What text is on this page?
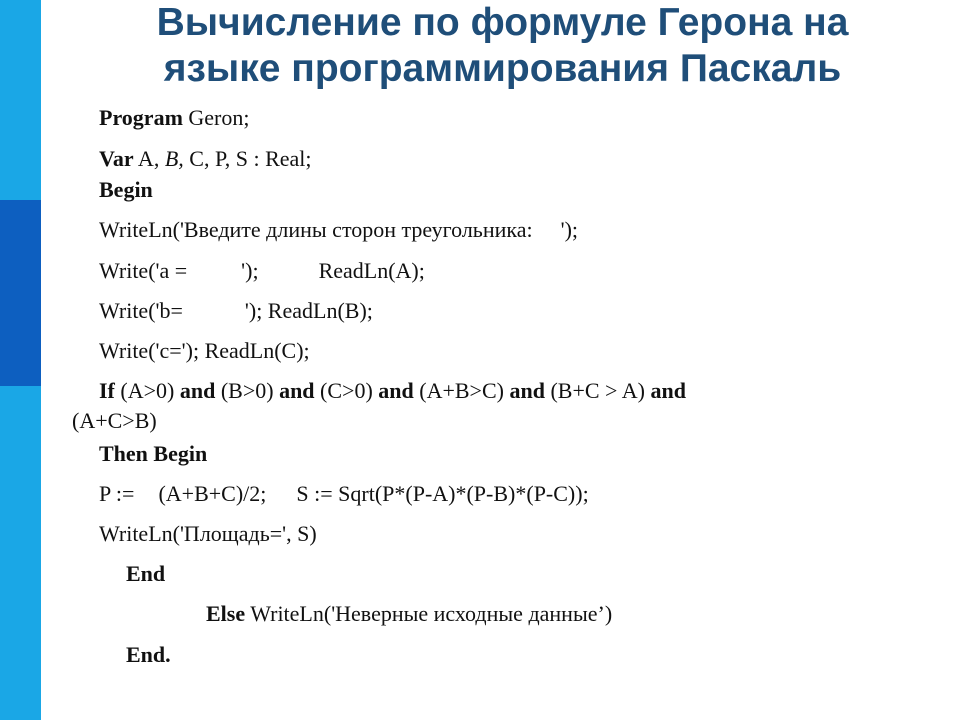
Вычисление по формуле Герона на
языке программирования Паскаль
Program Geron;
Var A, B, C, P, S : Real;
Begin
WriteLn('Введите длины сторон треугольника: ');
Write('a = ');	ReadLn(A);
Write('b=	'); ReadLn(B);
Write('c='); ReadLn(C);
If (A>0) and (B>0) and (C>0) and (A+B>C) and (B+C > A) and
(A+C>B)
Then Begin
P := (A+B+C)/2; S := Sqrt(P*(P-A)*(P-B)*(P-C));
WriteLn('Площадь=', S)
End
Else WriteLn('Неверные исходные данные’)
End.
